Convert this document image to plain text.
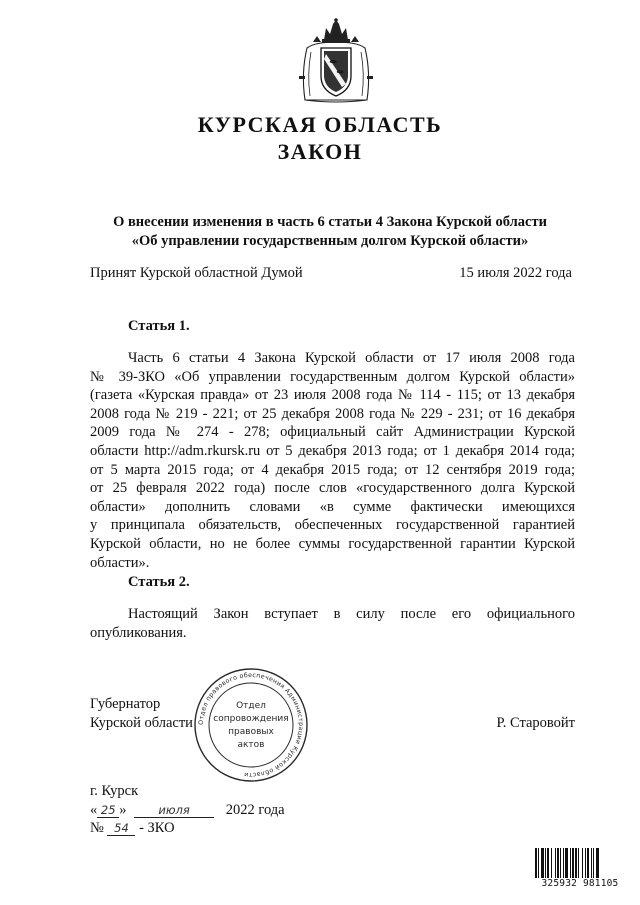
КУРСКАЯ ОБЛАСТЬ
ЗАКОН
О внесении изменения в часть 6 статьи 4 Закона Курской области
«Об управлении государственным долгом Курской области»
Принят Курской областной Думой	15 июля 2022 года
Статья 1.
Часть 6 статьи 4 Закона Курской области от 17 июля 2008 года
№ 39-ЗКО «Об управлении государственным долгом Курской области»
(газета «Курская правда» от 23 июля 2008 года № 114 - 115; от 13 декабря
2008 года № 219 - 221; от 25 декабря 2008 года № 229 - 231; от 16 декабря
2009 года № 274 - 278; официальный сайт Администрации Курской
области http://adm.rkursk.ru от 5 декабря 2013 года; от 1 декабря 2014 года;
от 5 марта 2015 года; от 4 декабря 2015 года; от 12 сентября 2019 года;
от 25 февраля 2022 года) после слов «государственного долга Курской
области» дополнить словами «в сумме фактически имеющихся
у принципала обязательств, обеспеченных государственной гарантией
Курской области, но не более суммы государственной гарантии Курской
области».
Статья 2.
Настоящий Закон вступает в силу после его официального
опубликования.
Губернатор
Курской области	Р. Старовойт
Отдел правового обеспечения Администрации Курской области
Отдел
сопровождения
правовых
актов
г. Курск
« 25 »	июля 2022 года
№ 54 - ЗКО
325932 981105
